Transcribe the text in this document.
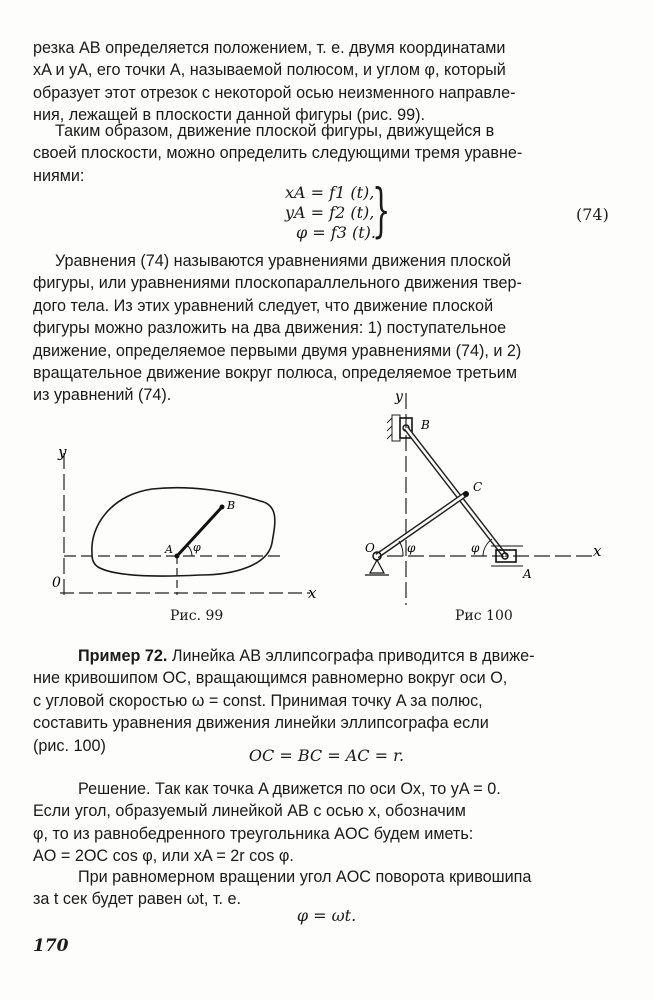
резка AB определяется положением, т. е. двумя координатами
xA и yA, его точки A, называемой полюсом, и углом φ, который
образует этот отрезок с некоторой осью неизменного направле-
ния, лежащей в плоскости данной фигуры (рис. 99).
Таким образом, движение плоской фигуры, движущейся в
своей плоскости, можно определить следующими тремя уравне-
ниями:
xA = f1 (t),
yA = f2 (t),
φ = f3 (t).
}	(74)
Уравнения (74) называются уравнениями движения плоской
фигуры, или уравнениями плоскопараллельного движения твер-
дого тела. Из этих уравнений следует, что движение плоской
фигуры можно разложить на два движения: 1) поступательное
движение, определяемое первыми двумя уравнениями (74), и 2)
вращательное движение вокруг полюса, определяемое третьим
из уравнений (74).
y
x
0
A
B
φ
Рис. 99
y
x
O
A
B
C
φ	φ
Рис 100
Пример 72. Линейка AB эллипсографа приводится в движе-
ние кривошипом OC, вращающимся равномерно вокруг оси O,
с угловой скоростью ω = const. Принимая точку A за полюс,
составить уравнения движения линейки эллипсографа если
(рис. 100)
OC = BC = AC = r.
Решение. Так как точка A движется по оси Ox, то yA = 0.
Если угол, образуемый линейкой AB с осью x, обозначим
φ, то из равнобедренного треугольника AOC будем иметь:
AO = 2OC cos φ, или xA = 2r cos φ.
При равномерном вращении угол AOC поворота кривошипа
за t сек будет равен ωt, т. е.
φ = ωt.
170
